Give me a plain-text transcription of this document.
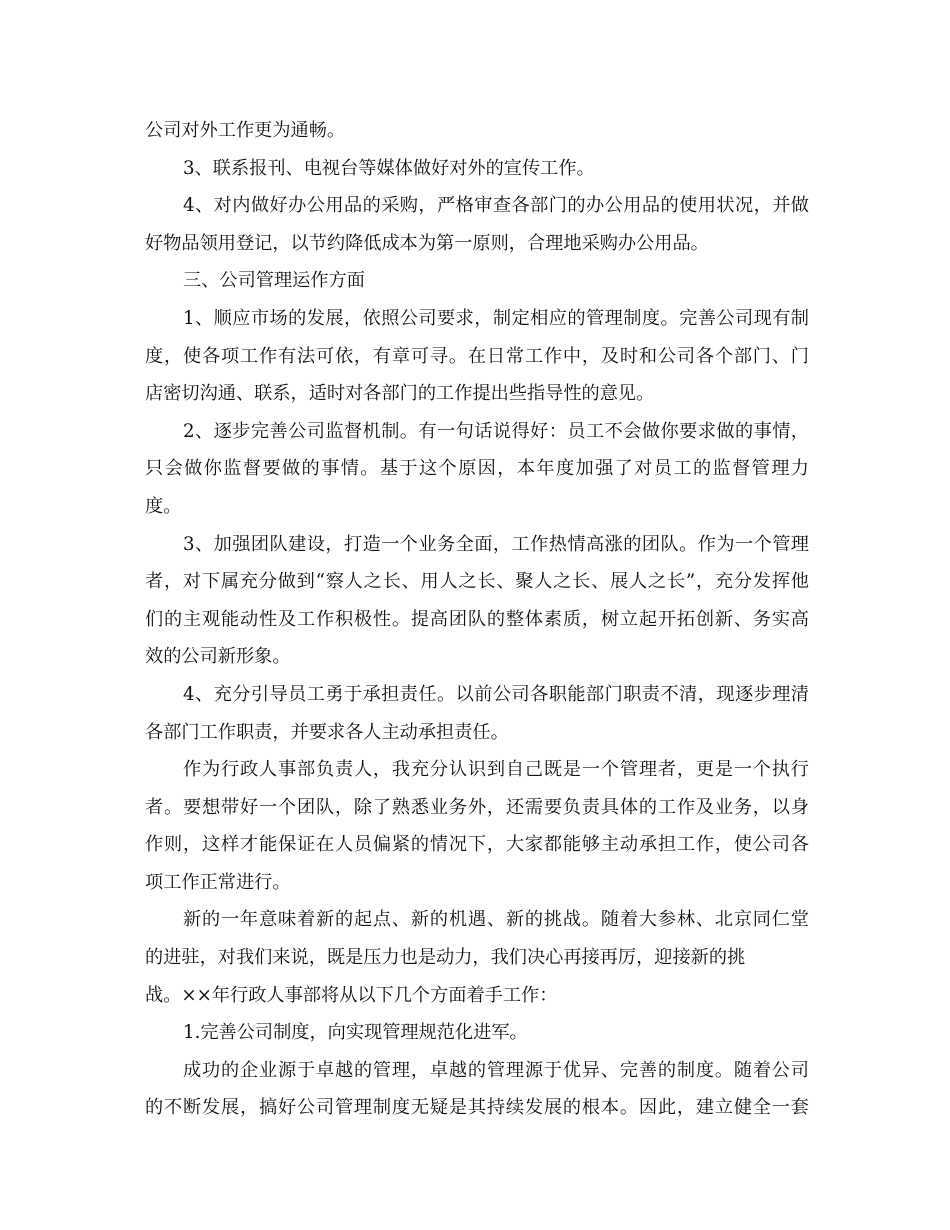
公司对外工作更为通畅。
3、联系报刊、电视台等媒体做好对外的宣传工作。
4、对内做好办公用品的采购，严格审查各部门的办公用品的使用状况，并做
好物品领用登记，以节约降低成本为第一原则，合理地采购办公用品。
三、公司管理运作方面
1、顺应市场的发展，依照公司要求，制定相应的管理制度。完善公司现有制
度，使各项工作有法可依，有章可寻。在日常工作中，及时和公司各个部门、门
店密切沟通、联系，适时对各部门的工作提出些指导性的意见。
2、逐步完善公司监督机制。有一句话说得好：员工不会做你要求做的事情，
只会做你监督要做的事情。基于这个原因，本年度加强了对员工的监督管理力
度。
3、加强团队建设，打造一个业务全面，工作热情高涨的团队。作为一个管理
者，对下属充分做到“察人之长、用人之长、聚人之长、展人之长”，充分发挥他
们的主观能动性及工作积极性。提高团队的整体素质，树立起开拓创新、务实高
效的公司新形象。
4、充分引导员工勇于承担责任。以前公司各职能部门职责不清，现逐步理清
各部门工作职责，并要求各人主动承担责任。
作为行政人事部负责人，我充分认识到自己既是一个管理者，更是一个执行
者。要想带好一个团队，除了熟悉业务外，还需要负责具体的工作及业务，以身
作则，这样才能保证在人员偏紧的情况下，大家都能够主动承担工作，使公司各
项工作正常进行。
新的一年意味着新的起点、新的机遇、新的挑战。随着大参林、北京同仁堂
的进驻，对我们来说，既是压力也是动力，我们决心再接再厉，迎接新的挑
战。××年行政人事部将从以下几个方面着手工作：
1.完善公司制度，向实现管理规范化进军。
成功的企业源于卓越的管理，卓越的管理源于优异、完善的制度。随着公司
的不断发展，搞好公司管理制度无疑是其持续发展的根本。因此，建立健全一套
